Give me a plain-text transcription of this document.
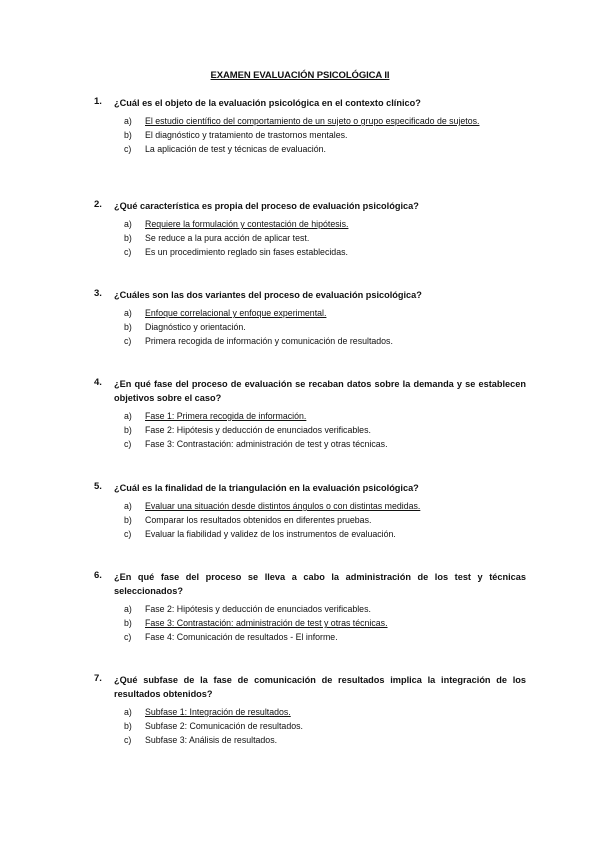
EXAMEN EVALUACIÓN PSICOLÓGICA II
1. ¿Cuál es el objeto de la evaluación psicológica en el contexto clínico?
a)	El estudio científico del comportamiento de un sujeto o grupo especificado de sujetos.
b)	El diagnóstico y tratamiento de trastornos mentales.
c)	La aplicación de test y técnicas de evaluación.
2. ¿Qué característica es propia del proceso de evaluación psicológica?
a)	Requiere la formulación y contestación de hipótesis.
b)	Se reduce a la pura acción de aplicar test.
c)	Es un procedimiento reglado sin fases establecidas.
3. ¿Cuáles son las dos variantes del proceso de evaluación psicológica?
a)	Enfoque correlacional y enfoque experimental.
b)	Diagnóstico y orientación.
c)	Primera recogida de información y comunicación de resultados.
4. ¿En qué fase del proceso de evaluación se recaban datos sobre la demanda y se establecen objetivos sobre el caso?
a)	Fase 1: Primera recogida de información.
b)	Fase 2: Hipótesis y deducción de enunciados verificables.
c)	Fase 3: Contrastación: administración de test y otras técnicas.
5. ¿Cuál es la finalidad de la triangulación en la evaluación psicológica?
a)	Evaluar una situación desde distintos ángulos o con distintas medidas.
b)	Comparar los resultados obtenidos en diferentes pruebas.
c)	Evaluar la fiabilidad y validez de los instrumentos de evaluación.
6. ¿En qué fase del proceso se lleva a cabo la administración de los test y técnicas seleccionados?
a)	Fase 2: Hipótesis y deducción de enunciados verificables.
b)	Fase 3: Contrastación: administración de test y otras técnicas.
c)	Fase 4: Comunicación de resultados - El informe.
7. ¿Qué subfase de la fase de comunicación de resultados implica la integración de los resultados obtenidos?
a)	Subfase 1: Integración de resultados.
b)	Subfase 2: Comunicación de resultados.
c)	Subfase 3: Análisis de resultados.
